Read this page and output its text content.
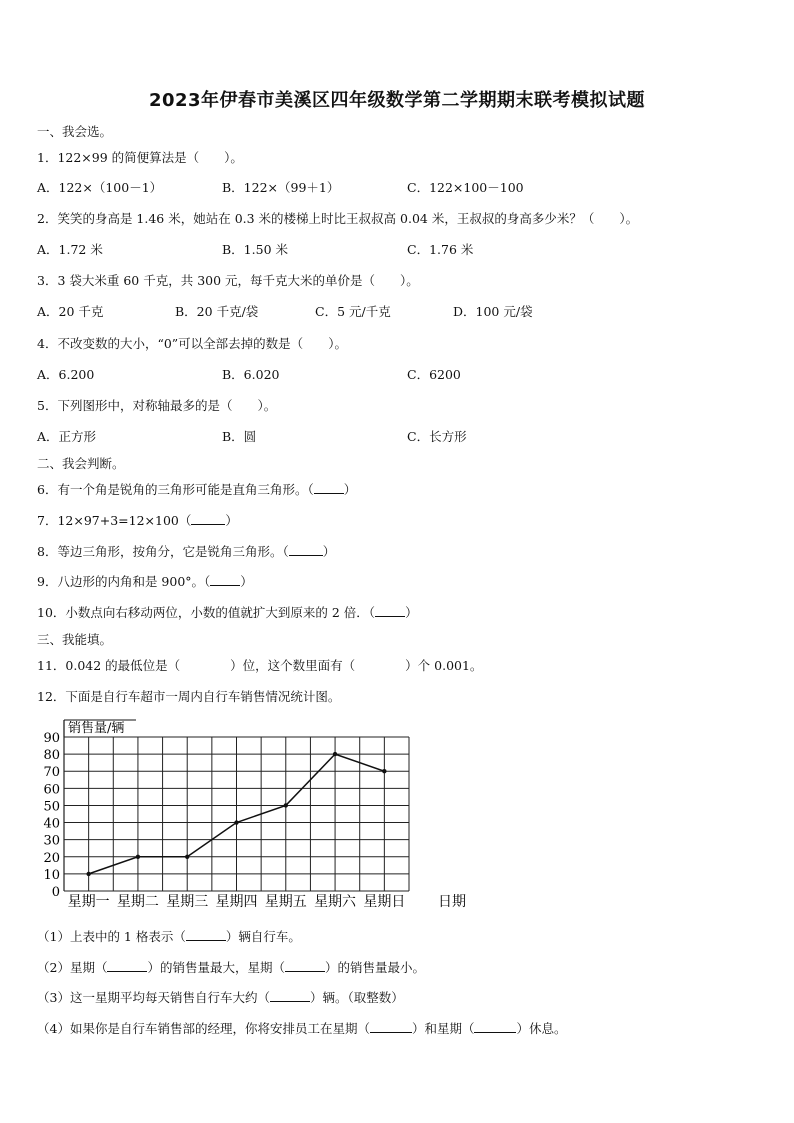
2023年伊春市美溪区四年级数学第二学期期末联考模拟试题
一、我会选。
1．122×99 的简便算法是（　　）。
A．122×（100－1）	B．122×（99＋1）	C．122×100－100
2．笑笑的身高是 1.46 米，她站在 0.3 米的楼梯上时比王叔叔高 0.04 米，王叔叔的身高多少米？（　　）。
A．1.72 米	B．1.50 米	C．1.76 米
3．3 袋大米重 60 千克，共 300 元，每千克大米的单价是（　　）。
A．20 千克	B．20 千克/袋	C．5 元/千克	D．100 元/袋
4．不改变数的大小，“0”可以全部去掉的数是（　　）。
A．6.200	B．6.020	C．6200
5．下列图形中，对称轴最多的是（　　）。
A．正方形	B．圆	C．长方形
二、我会判断。
6．有一个角是锐角的三角形可能是直角三角形。（ ）
7．12×97+3=12×100（	）
8．等边三角形，按角分，它是锐角三角形。（	）
9．八边形的内角和是 900°。（ ）
10．小数点向右移动两位，小数的值就扩大到原来的 2 倍．（ ）
三、我能填。
11．0.042 的最低位是（　　　　）位，这个数里面有（　　　　）个 0.001。
12．下面是自行车超市一周内自行车销售情况统计图。
销售量/辆
0
10
20
30
40
50
60
70
80
90
星期一 星期二 星期三 星期四 星期五 星期六 星期日 日期
（1）上表中的 1 格表示（	）辆自行车。
（2）星期（	）的销售量最大，星期（	）的销售量最小。
（3）这一星期平均每天销售自行车大约（	）辆。（取整数）
（4）如果你是自行车销售部的经理，你将安排员工在星期（	）和星期（	）休息。
